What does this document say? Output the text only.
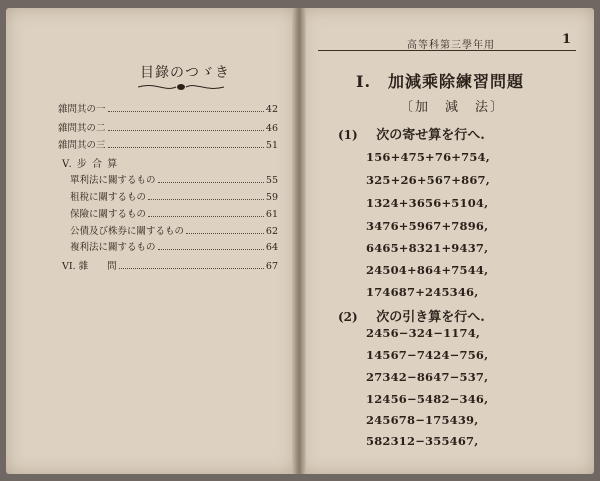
目錄のつゞき
雜問其の一	42
雜問其の二	46
雜問其の三	51
V. 步 合 算
單利法に關するもの	55
租稅に關するもの	59
保險に關するもの	61
公債及び株券に關するもの	62
複利法に關するもの	64
VI. 雜　　問	67
高等科第三學年用	1
I.　加減乘除練習問題
〔加　減　法〕
(1) 次の寄せ算を行へ.
156+475+76+754,
325+26+567+867,
1324+3656+5104,
3476+5967+7896,
6465+8321+9437,
24504+864+7544,
174687+245346,
(2) 次の引き算を行へ.
2456−324−1174,
14567−7424−756,
27342−8647−537,
12456−5482−346,
245678−175439,
582312−355467,
